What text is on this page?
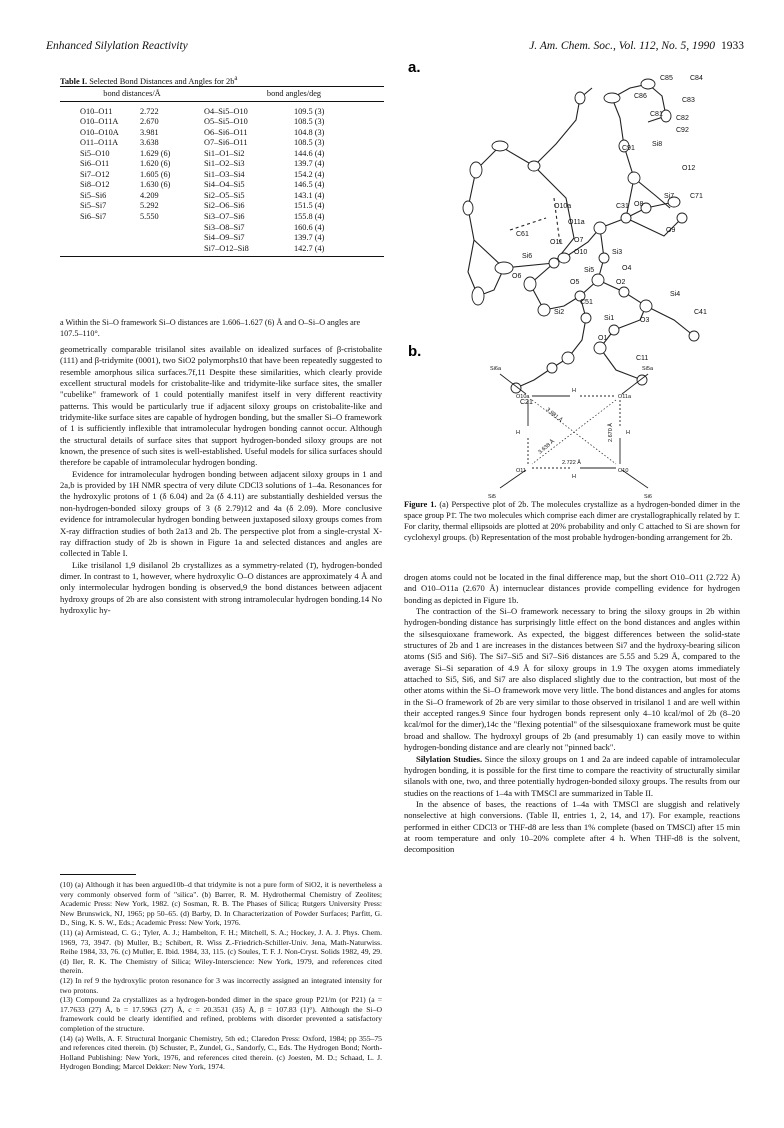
Enhanced Silylation Reactivity	J. Am. Chem. Soc., Vol. 112, No. 5, 1990 1933
Table I. Selected Bond Distances and Angles for $2b^a$
bond distances/Å		bond angles/deg	
O10–O11	2.722	O4–Si5–O10	109.5 (3)
O10–O11A	2.670	O5–Si5–O10	108.5 (3)
O10–O10A	3.981	O6–Si6–O11	104.8 (3)
O11–O11A	3.638	O7–Si6–O11	108.5 (3)
Si5–O10	1.629 (6)	Si1–O1–Si2	144.6 (4)
Si6–O11	1.620 (6)	Si1–O2–Si3	139.7 (4)
Si7–O12	1.605 (6)	Si1–O3–Si4	154.2 (4)
Si8–O12	1.630 (6)	Si4–O4–Si5	146.5 (4)
Si5–Si6	4.209	Si2–O5–Si5	143.1 (4)
Si5–Si7	5.292	Si2–O6–Si6	151.5 (4)
Si6–Si7	5.550	Si3–O7–Si6	155.8 (4)
		Si3–O8–Si7	160.6 (4)
		Si4–O9–Si7	139.7 (4)
		Si7–O12–Si8	142.7 (4)
a Within the Si–O framework Si–O distances are 1.606–1.627 (6) Å and O–Si–O angles are 107.5–110°.

geometrically comparable trisilanol sites available on idealized surfaces of β-cristobalite (111) and β-tridymite (0001), two SiO2 polymorphs10 that have been repeatedly suggested to resemble amorphous silica surfaces.7f,11 Despite these similarities, which clearly provide excellent structural models for cristobalite-like and tridymite-like surface sites, the smaller "cubelike" framework of 1 could potentially manifest itself in very different reactivity patterns. This would be particularly true if adjacent siloxy groups on cristobalite-like and tridymite-like surface sites are capable of hydrogen bonding, but the smaller Si–O framework of 1 is sufficiently inflexible that intramolecular hydrogen bonding cannot occur. Although the structural details of surface sites that support hydrogen-bonded siloxy groups are not known, the presence of such sites is well-established. Useful models for silica surfaces should therefore be capable of intramolecular hydrogen bonding.

Evidence for intramolecular hydrogen bonding between adjacent siloxy groups in 1 and 2a,b is provided by 1H NMR spectra of very dilute CDCl3 solutions of 1–4a. Resonances for the hydroxylic protons of 1 (δ 6.04) and 2a (δ 4.11) are substantially deshielded versus the non-hydrogen-bonded siloxy groups of 3 (δ 2.79)12 and 4a (δ 2.09). More conclusive evidence for intramolecular hydrogen bonding between juxtaposed siloxy groups comes from X-ray diffraction studies of both 2a13 and 2b. The perspective plot from a single-crystal X-ray diffraction study of 2b is shown in Figure 1a and selected distances and angles are collected in Table I.

Like trisilanol 1,9 disilanol 2b crystallizes as a symmetry-related (1̄), hydrogen-bonded dimer. In contrast to 1, however, where hydroxylic O–O distances are approximately 4 Å and only intermolecular hydrogen bonding is observed,9 the bond distances between adjacent hydroxy groups of 2b are also consistent with strong intramolecular hydrogen bonding.14 No hydroxylic hy-

(10) (a) Although it has been argued10b–d that tridymite is not a pure form of SiO2, it is nevertheless a very commonly observed form of "silica". (b) Barrer, R. M. Hydrothermal Chemistry of Zeolites; Academic Press: New York, 1982. (c) Sosman, R. B. The Phases of Silica; Rutgers University Press: New Brunswick, NJ, 1965; pp 50–65. (d) Barby, D. In Characterization of Powder Surfaces; Parfitt, G. D., Sing, K. S. W., Eds.; Academic Press: New York, 1976.

(11) (a) Armistead, C. G.; Tyler, A. J.; Hambelton, F. H.; Mitchell, S. A.; Hockey, J. A. J. Phys. Chem. 1969, 73, 3947. (b) Muller, B.; Schibert, R. Wiss Z.-Friedrich-Schiller-Univ. Jena, Math-Naturwiss. Reihe 1984, 33, 76. (c) Muller, E. Ibid. 1984, 33, 115. (c) Soules, T. F. J. Non-Cryst. Solids 1982, 49, 29. (d) Iler, R. K. The Chemistry of Silica; Wiley-Interscience: New York, 1979, and references cited therein.

(12) In ref 9 the hydroxylic proton resonance for 3 was incorrectly assigned an integrated intensity for two protons.

(13) Compound 2a crystallizes as a hydrogen-bonded dimer in the space group P21/m (or P21) (a = 17.7633 (27) Å, b = 17.5963 (27) Å, c = 20.3531 (35) Å, β = 107.83 (1)°). Although the Si–O framework could be clearly identified and refined, problems with disorder prevented a satisfactory completion of the structure.

(14) (a) Wells, A. F. Structural Inorganic Chemistry, 5th ed.; Claredon Press: Oxford, 1984; pp 355–75 and references cited therein. (b) Schuster, P., Zundel, G., Sandorfy, C., Eds. The Hydrogen Bond; North-Holland Publishing: New York, 1976, and references cited therein. (c) Joesten, M. D.; Schaad, L. J. Hydrogen Bonding; Marcel Dekker: New York, 1974.

a.
C85 C84
C86
C83
C81
C82
C92
C91
Si8
O10a
O11a
O12
C31 O8
Si7 C71
C61
O11 O7
Si6
O10	Si3
O9
O4
O6
Si5
O2
O5
Si4
C51
O3
C41
Si2
Si1
O1
C21
C11
b.
Si6a	Si5a
Si5	Si6
O10a	O11a
O11	O10
H
H
H	H
2.722 Å
2.670 Å
3.981 Å
3.638 Å
Figure 1. (a) Perspective plot of 2b. The molecules crystallize as a hydrogen-bonded dimer in the space group P1̄. The two molecules which comprise each dimer are crystallographically related by 1̄. For clarity, thermal ellipsoids are plotted at 20% probability and only C attached to Si are shown for cyclohexyl groups. (b) Representation of the most probable hydrogen-bonding arrangement for 2b.

drogen atoms could not be located in the final difference map, but the short O10–O11 (2.722 Å) and O10–O11a (2.670 Å) internuclear distances provide compelling evidence for hydrogen bonding as depicted in Figure 1b.

The contraction of the Si–O framework necessary to bring the siloxy groups in 2b within hydrogen-bonding distance has surprisingly little effect on the bond distances and angles within the silsesquioxane framework. As expected, the biggest differences between the solid-state structures of 2b and 1 are increases in the distances between Si7 and the hydroxy-bearing silicon atoms (Si5 and Si6). The Si7–Si5 and Si7–Si6 distances are 5.55 and 5.29 Å, compared to the average Si–Si separation of 4.9 Å for siloxy groups in 1.9 The oxygen atoms immediately attached to Si5, Si6, and Si7 are also displaced slightly due to the contraction, but most of the other atoms within the Si–O framework move very little. The bond distances and angles for atoms in the Si–O framework of 2b are very similar to those observed in trisilanol 1 and are well within their accepted ranges.9 Since four hydrogen bonds represent only 4–10 kcal/mol of 2b (8–20 kcal/mol for the dimer),14c the "flexing potential" of the silsesquioxane framework must be quite broad and shallow. The hydroxyl groups of 2b (and presumably 1) can easily move to within hydrogen-bonding distance and are clearly not "pinned back".

Silylation Studies. Since the siloxy groups on 1 and 2a are indeed capable of intramolecular hydrogen bonding, it is possible for the first time to compare the reactivity of structurally similar silanols with one, two, and three potentially hydrogen-bonded siloxy groups. The results from our studies on the reactions of 1–4a with TMSCl are summarized in Table II.

In the absence of bases, the reactions of 1–4a with TMSCl are sluggish and relatively nonselective at high conversions. (Table II, entries 1, 2, 14, and 17). For example, reactions performed in either CDCl3 or THF-d8 are less than 1% complete (based on TMSCl) after 15 min at room temperature and only 10–20% complete after 4 h. When THF-d8 is the solvent, decomposition
